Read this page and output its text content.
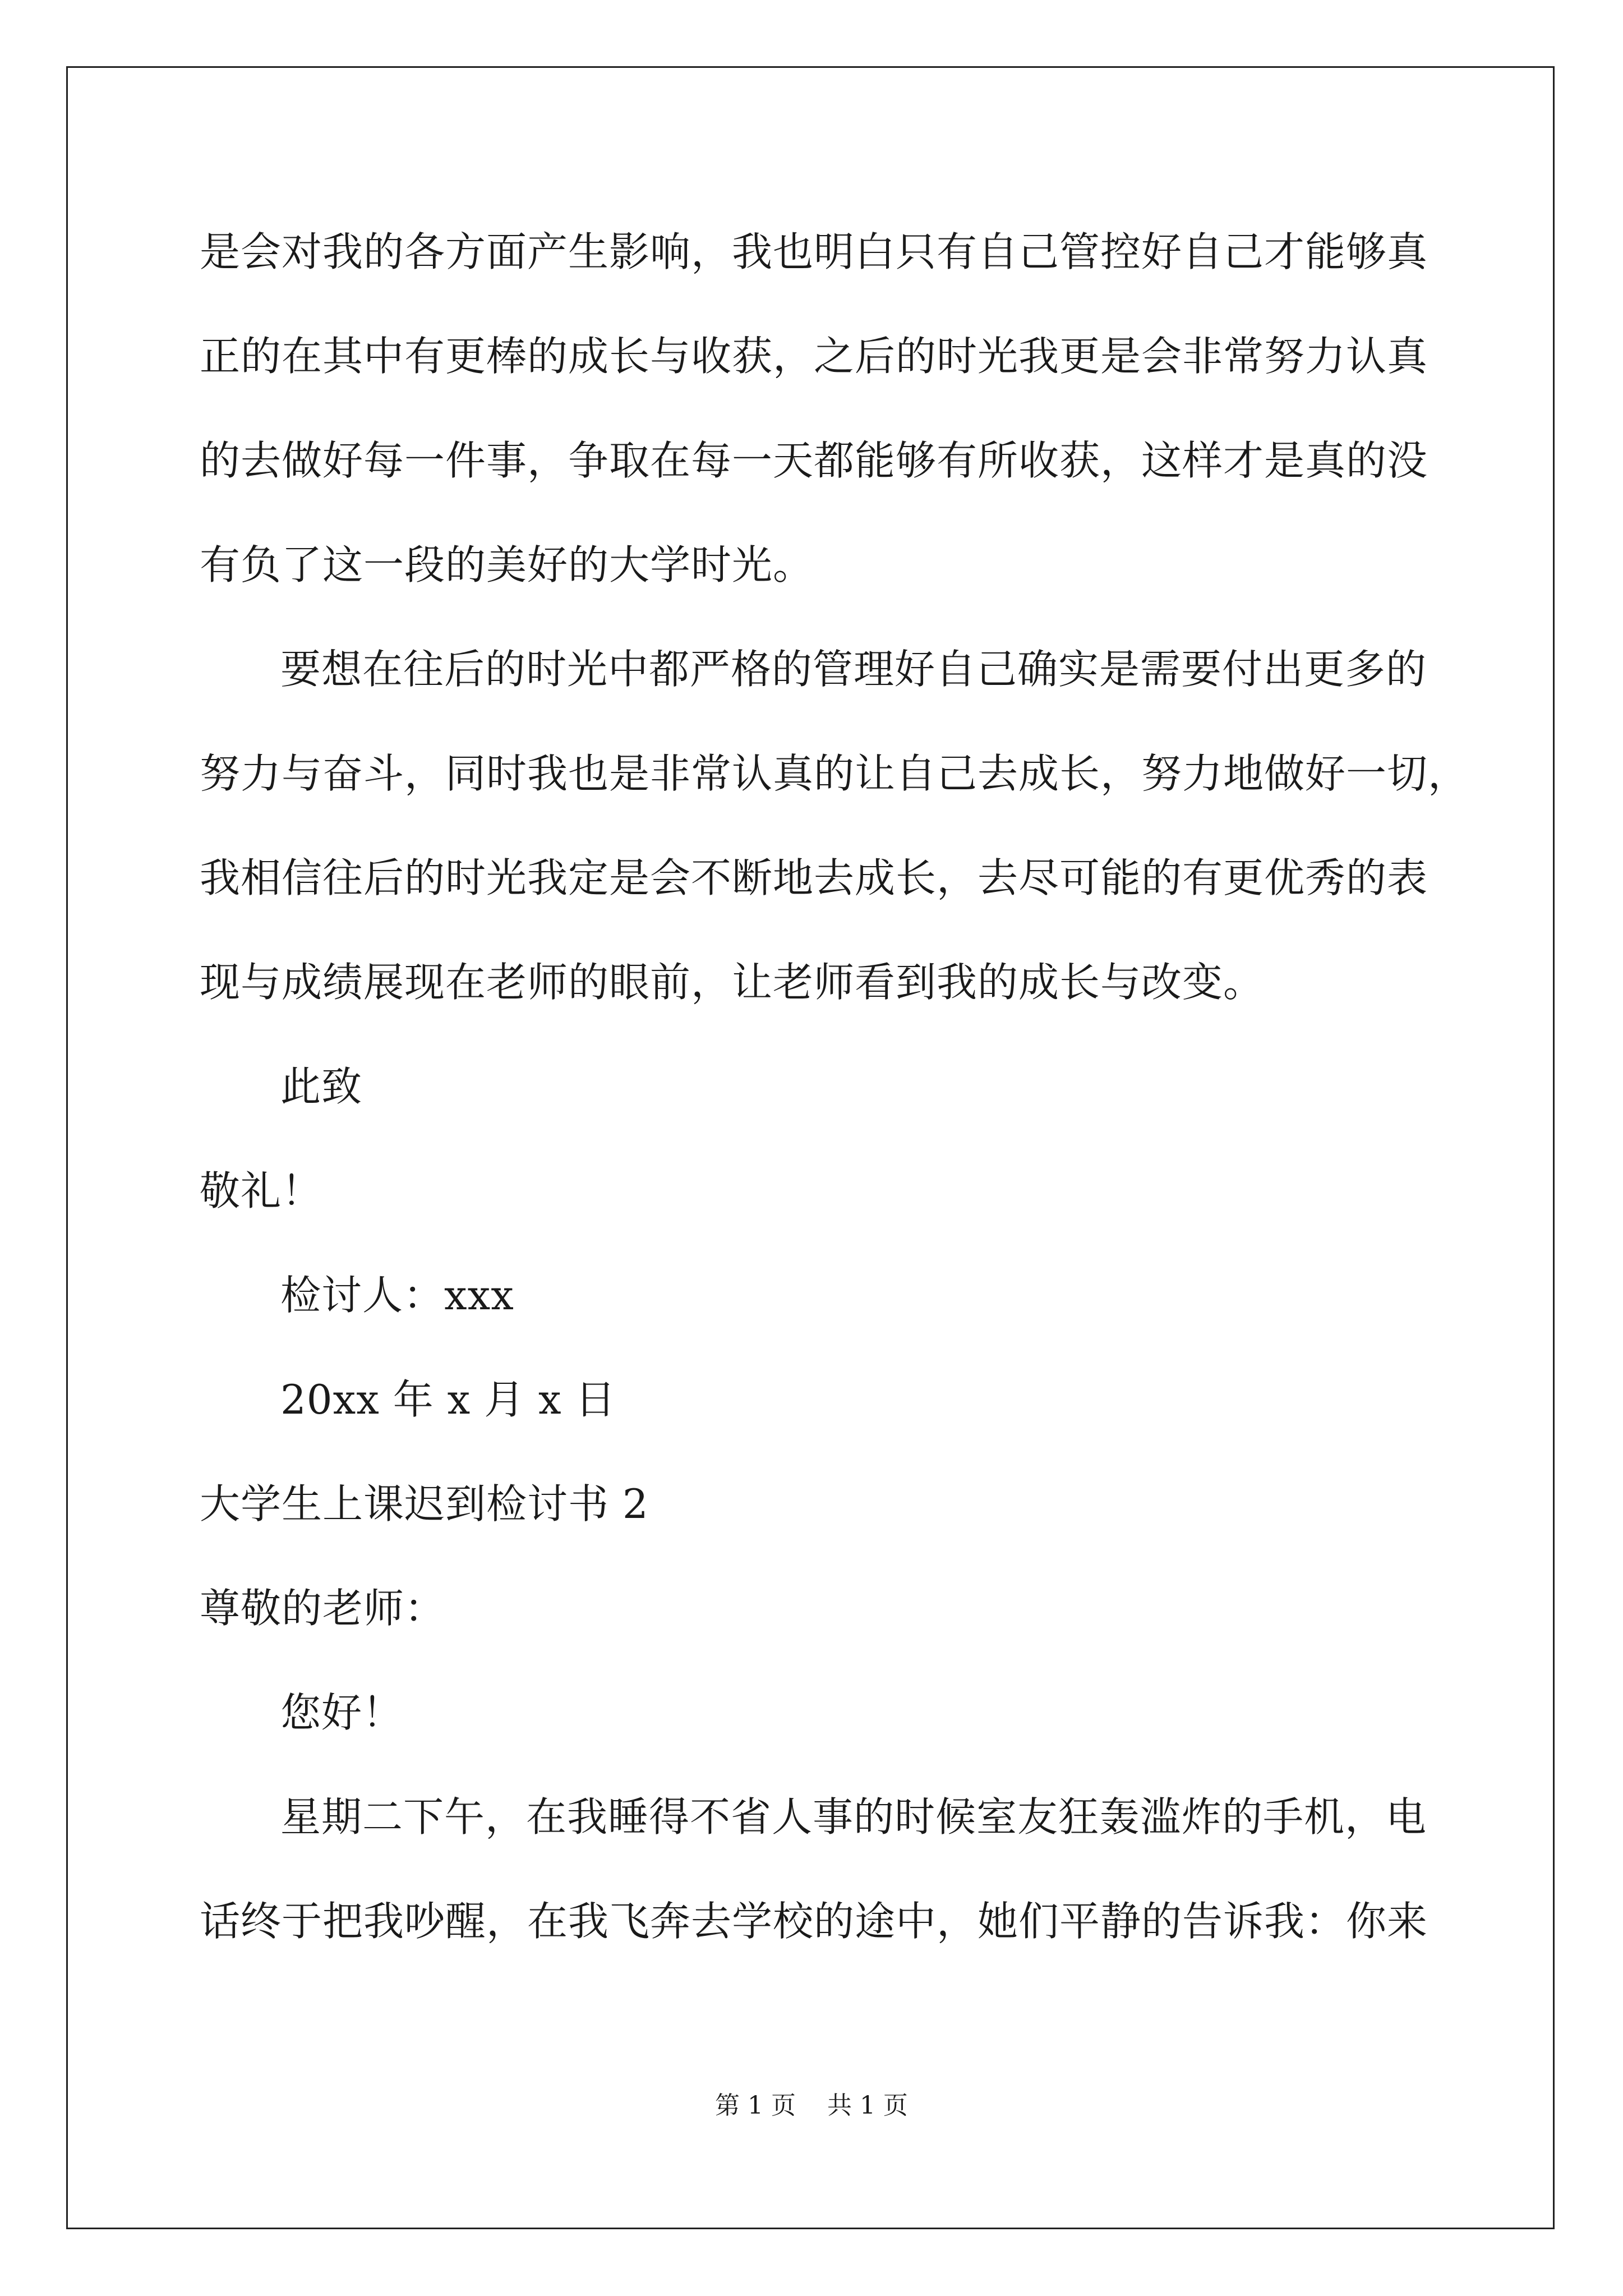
是会对我的各方面产生影响，我也明白只有自己管控好自己才能够真
正的在其中有更棒的成长与收获，之后的时光我更是会非常努力认真
的去做好每一件事，争取在每一天都能够有所收获，这样才是真的没
有负了这一段的美好的大学时光。
要想在往后的时光中都严格的管理好自己确实是需要付出更多的
努力与奋斗，同时我也是非常认真的让自己去成长，努力地做好一切，
我相信往后的时光我定是会不断地去成长，去尽可能的有更优秀的表
现与成绩展现在老师的眼前，让老师看到我的成长与改变。
此致
敬礼！
检讨人：xxx
20xx 年 x 月 x 日
大学生上课迟到检讨书 2
尊敬的老师：
您好！
星期二下午，在我睡得不省人事的时候室友狂轰滥炸的手机，电
话终于把我吵醒，在我飞奔去学校的途中，她们平静的告诉我：你来
第 1 页    共 1 页
